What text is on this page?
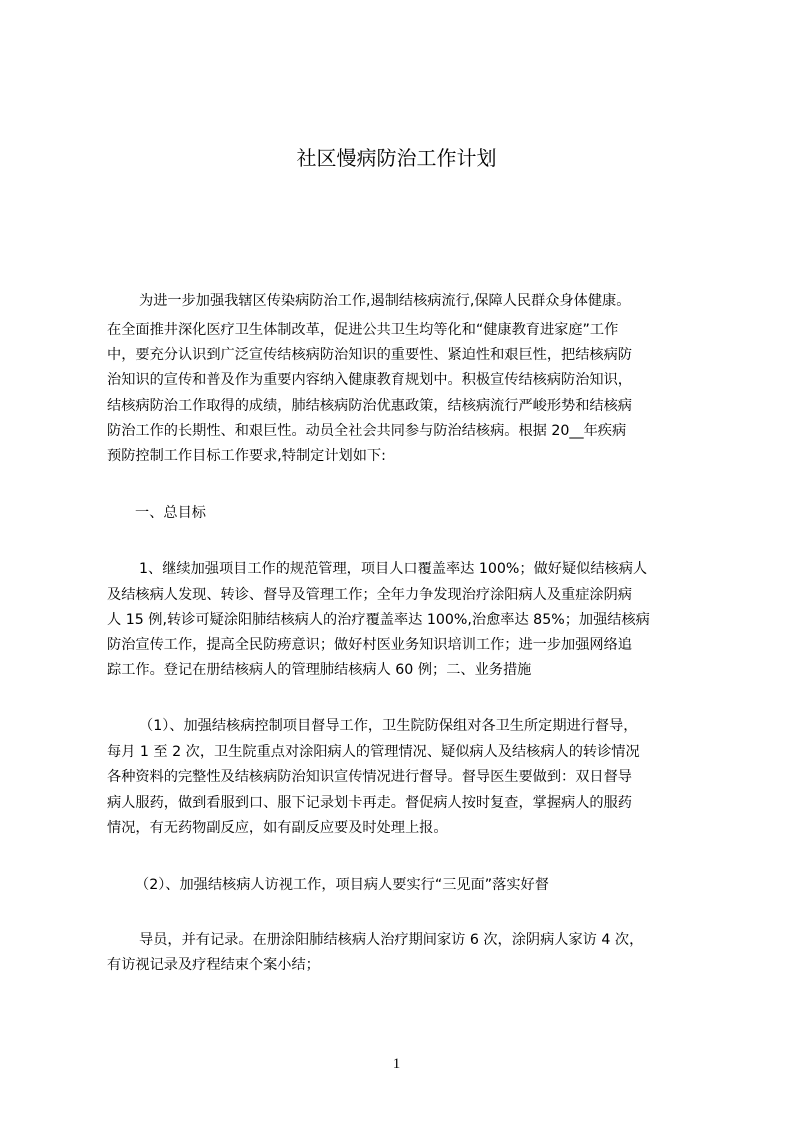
社区慢病防治工作计划
为进一步加强我辖区传染病防治工作,遏制结核病流行,保障人民群众身体健康。
在全面推井深化医疗卫生体制改革，促进公共卫生均等化和“健康教育进家庭”工作
中，要充分认识到广泛宣传结核病防治知识的重要性、紧迫性和艰巨性，把结核病防
治知识的宣传和普及作为重要内容纳入健康教育规划中。积极宣传结核病防治知识，
结核病防治工作取得的成绩，肺结核病防治优惠政策，结核病流行严峻形势和结核病
防治工作的长期性、和艰巨性。动员全社会共同参与防治结核病。根据 20__年疾病
预防控制工作目标工作要求,特制定计划如下:
一、总目标
1、继续加强项目工作的规范管理，项目人口覆盖率达 100%；做好疑似结核病人
及结核病人发现、转诊、督导及管理工作；全年力争发现治疗涂阳病人及重症涂阴病
人 15 例,转诊可疑涂阳肺结核病人的治疗覆盖率达 100%,治愈率达 85%；加强结核病
防治宣传工作，提高全民防痨意识；做好村医业务知识培训工作；进一步加强网络追
踪工作。登记在册结核病人的管理肺结核病人 60 例；二、业务措施
（1）、加强结核病控制项目督导工作，卫生院防保组对各卫生所定期进行督导，
每月 1 至 2 次，卫生院重点对涂阳病人的管理情况、疑似病人及结核病人的转诊情况
各种资料的完整性及结核病防治知识宣传情况进行督导。督导医生要做到：双日督导
病人服药，做到看服到口、服下记录划卡再走。督促病人按时复查，掌握病人的服药
情况，有无药物副反应，如有副反应要及时处理上报。
（2）、加强结核病人访视工作，项目病人要实行“三见面”落实好督
导员，并有记录。在册涂阳肺结核病人治疗期间家访 6 次，涂阴病人家访 4 次，
有访视记录及疗程结束个案小结；
1
